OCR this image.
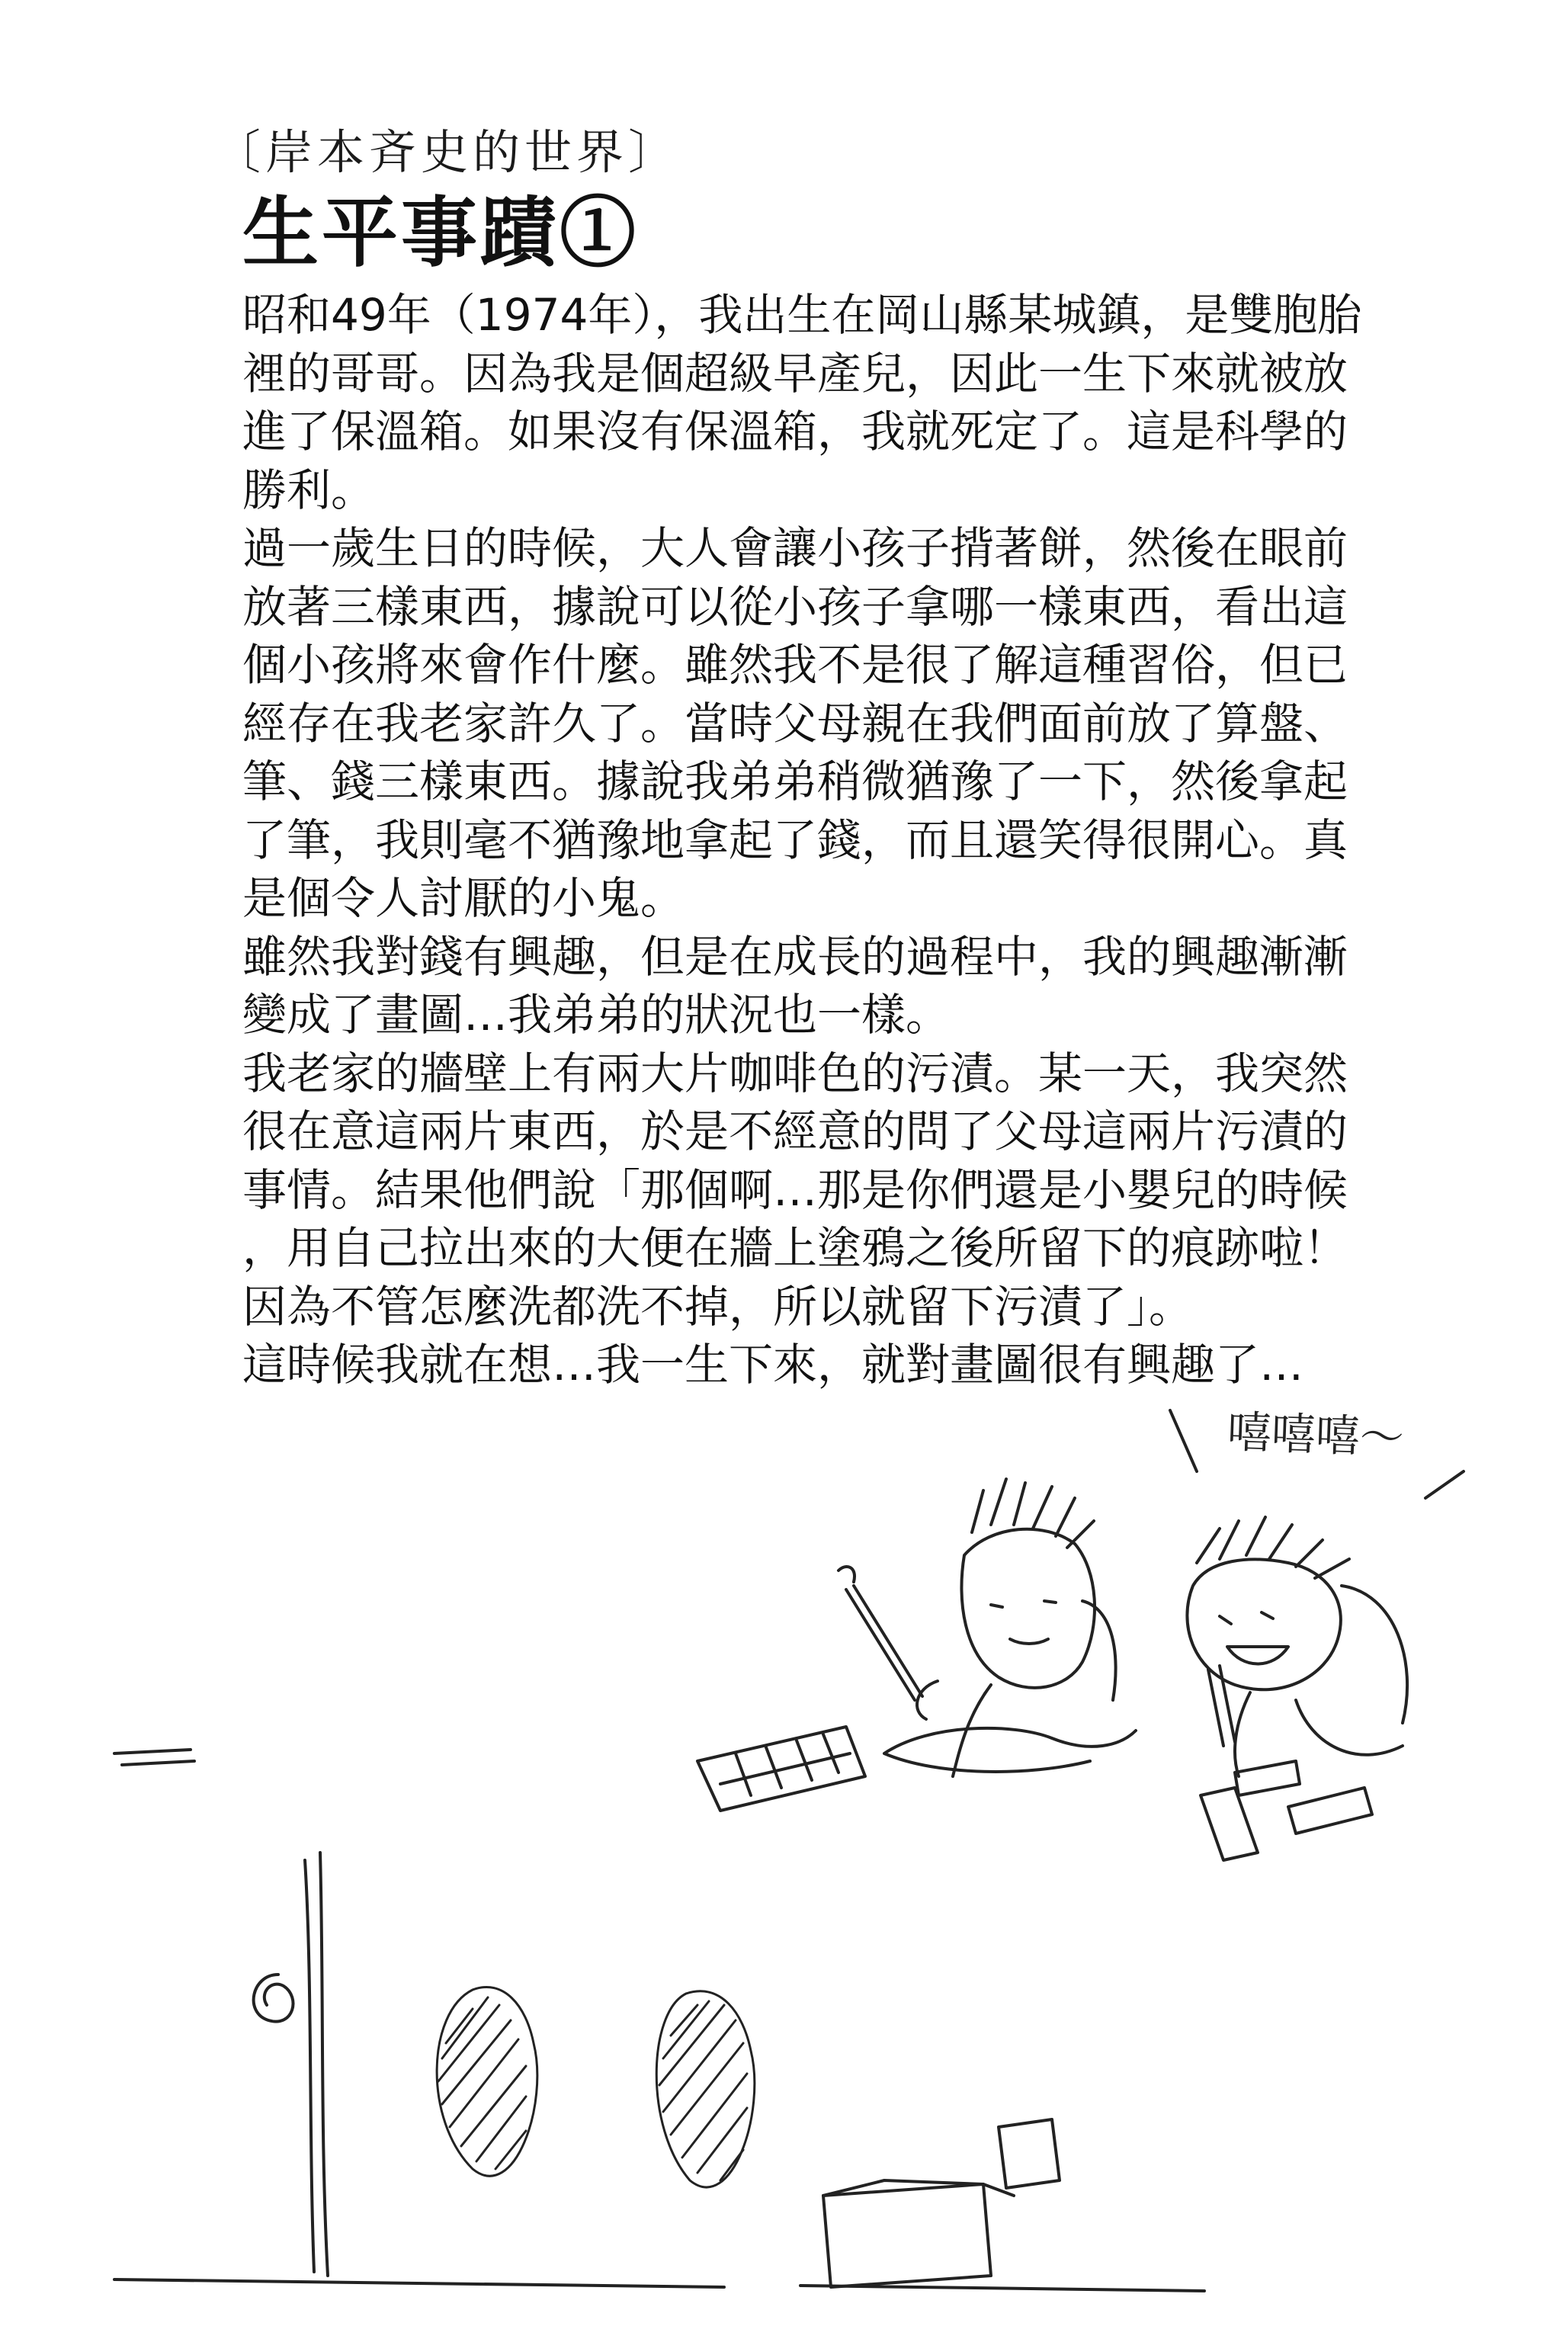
〔岸本斉史的世界〕
生平事蹟①

昭和49年（1974年），我出生在岡山縣某城鎮，是雙胞胎
裡的哥哥。因為我是個超級早產兒，因此一生下來就被放
進了保溫箱。如果沒有保溫箱，我就死定了。這是科學的
勝利。

過一歲生日的時候，大人會讓小孩子揹著餅，然後在眼前
放著三樣東西，據說可以從小孩子拿哪一樣東西，看出這
個小孩將來會作什麼。雖然我不是很了解這種習俗，但已
經存在我老家許久了。當時父母親在我們面前放了算盤、
筆、錢三樣東西。據說我弟弟稍微猶豫了一下，然後拿起
了筆，我則毫不猶豫地拿起了錢，而且還笑得很開心。真
是個令人討厭的小鬼。

雖然我對錢有興趣，但是在成長的過程中，我的興趣漸漸
變成了畫圖…我弟弟的狀況也一樣。

我老家的牆壁上有兩大片咖啡色的污漬。某一天，我突然
很在意這兩片東西，於是不經意的問了父母這兩片污漬的
事情。結果他們說「那個啊…那是你們還是小嬰兒的時候
，用自己拉出來的大便在牆上塗鴉之後所留下的痕跡啦！
因為不管怎麼洗都洗不掉，所以就留下污漬了」。

這時候我就在想…我一生下來，就對畫圖很有興趣了…

嘻嘻嘻～
